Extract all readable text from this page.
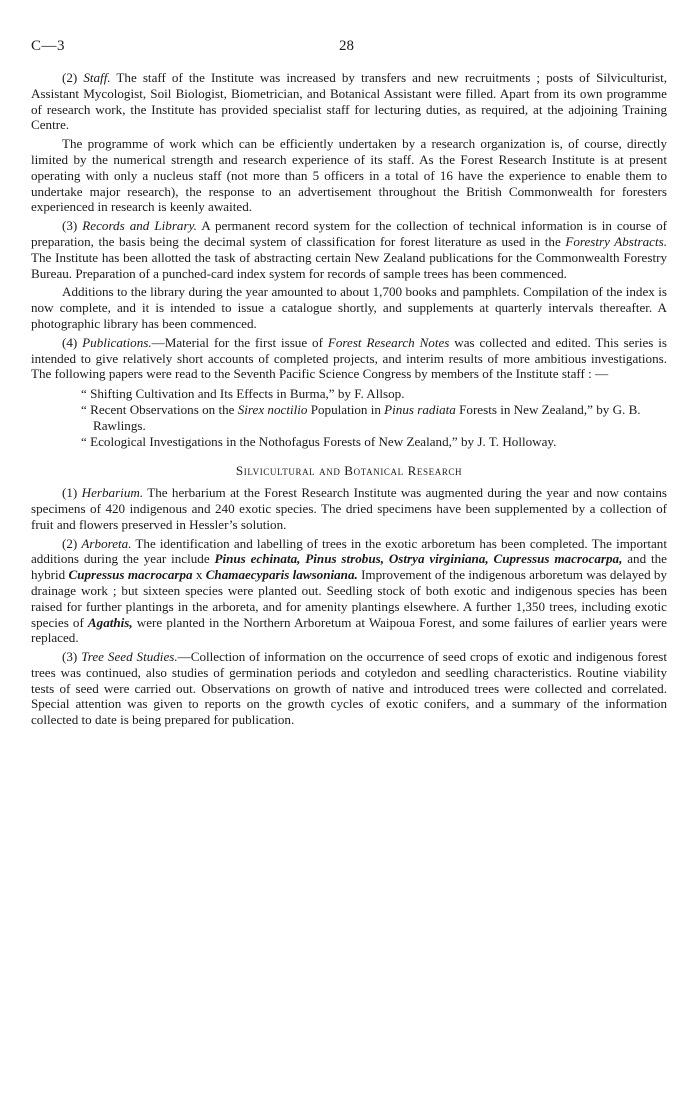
C—3	28

(2) Staff. The staff of the Institute was increased by transfers and new recruitments ; posts of Silviculturist, Assistant Mycologist, Soil Biologist, Biometrician, and Botanical Assistant were filled. Apart from its own programme of research work, the Institute has provided specialist staff for lecturing duties, as required, at the adjoining Training Centre.

The programme of work which can be efficiently undertaken by a research organization is, of course, directly limited by the numerical strength and research experience of its staff. As the Forest Research Institute is at present operating with only a nucleus staff (not more than 5 officers in a total of 16 have the experience to enable them to undertake major research), the response to an advertisement throughout the British Commonwealth for foresters experienced in research is keenly awaited.

(3) Records and Library. A permanent record system for the collection of technical information is in course of preparation, the basis being the decimal system of classification for forest literature as used in the Forestry Abstracts. The Institute has been allotted the task of abstracting certain New Zealand publications for the Commonwealth Forestry Bureau. Preparation of a punched-card index system for records of sample trees has been commenced.

Additions to the library during the year amounted to about 1,700 books and pamphlets. Compilation of the index is now complete, and it is intended to issue a catalogue shortly, and supplements at quarterly intervals thereafter. A photographic library has been commenced.

(4) Publications.—Material for the first issue of Forest Research Notes was collected and edited. This series is intended to give relatively short accounts of completed projects, and interim results of more ambitious investigations. The following papers were read to the Seventh Pacific Science Congress by members of the Institute staff : —

“ Shifting Cultivation and Its Effects in Burma,” by F. Allsop.
“ Recent Observations on the Sirex noctilio Population in Pinus radiata Forests in New Zealand,” by G. B. Rawlings.
“ Ecological Investigations in the Nothofagus Forests of New Zealand,” by J. T. Holloway.
Silvicultural and Botanical Research

(1) Herbarium. The herbarium at the Forest Research Institute was augmented during the year and now contains specimens of 420 indigenous and 240 exotic species. The dried specimens have been supplemented by a collection of fruit and flowers preserved in Hessler’s solution.

(2) Arboreta. The identification and labelling of trees in the exotic arboretum has been completed. The important additions during the year include Pinus echinata, Pinus strobus, Ostrya virginiana, Cupressus macrocarpa, and the hybrid Cupressus macrocarpa x Chamaecyparis lawsoniana. Improvement of the indigenous arboretum was delayed by drainage work ; but sixteen species were planted out. Seedling stock of both exotic and indigenous species has been raised for further plantings in the arboreta, and for amenity plantings elsewhere. A further 1,350 trees, including exotic species of Agathis, were planted in the Northern Arboretum at Waipoua Forest, and some failures of earlier years were replaced.

(3) Tree Seed Studies.—Collection of information on the occurrence of seed crops of exotic and indigenous forest trees was continued, also studies of germination periods and cotyledon and seedling characteristics. Routine viability tests of seed were carried out. Observations on growth of native and introduced trees were collected and correlated. Special attention was given to reports on the growth cycles of exotic conifers, and a summary of the information collected to date is being prepared for publication.
